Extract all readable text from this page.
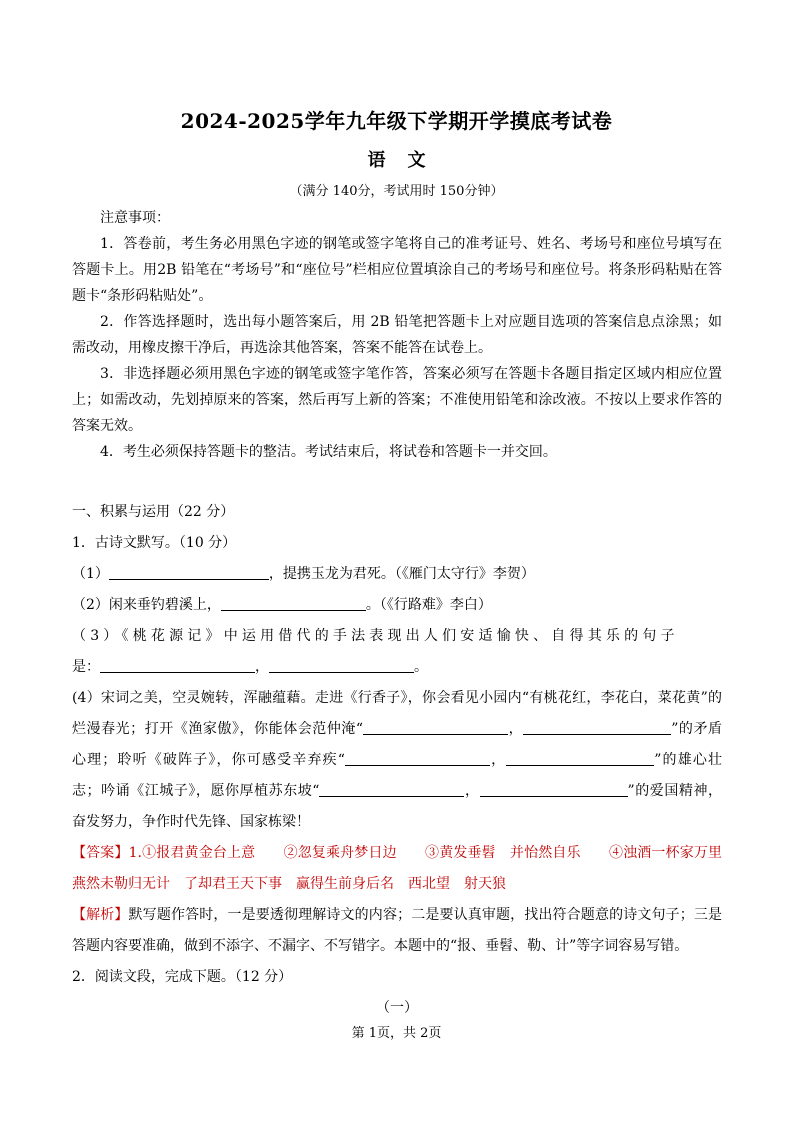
2024-2025学年九年级下学期开学摸底考试卷
语文
（满分 140分，考试用时 150分钟）

注意事项：

1．答卷前，考生务必用黑色字迹的钢笔或签字笔将自己的准考证号、姓名、考场号和座位号填写在答题卡上。用2B 铅笔在“考场号”和“座位号”栏相应位置填涂自己的考场号和座位号。将条形码粘贴在答题卡“条形码粘贴处”。

2．作答选择题时，选出每小题答案后，用 2B 铅笔把答题卡上对应题目选项的答案信息点涂黑；如需改动，用橡皮擦干净后，再选涂其他答案，答案不能答在试卷上。

3．非选择题必须用黑色字迹的钢笔或签字笔作答，答案必须写在答题卡各题目指定区域内相应位置上；如需改动，先划掉原来的答案，然后再写上新的答案；不准使用铅笔和涂改液。不按以上要求作答的答案无效。

4．考生必须保持答题卡的整洁。考试结束后，将试卷和答题卡一并交回。

一、积累与运用（22 分）

1．古诗文默写。（10 分）

（1）	，提携玉龙为君死。（《雁门太守行》李贺）

（2）闲来垂钓碧溪上，	。（《行路难》李白）

（3）《桃花源记》中运用借代的手法表现出人们安适愉快、自得其乐的句子

是：	，	。

(4）宋词之美，空灵婉转，浑融蕴藉。走进《行香子》，你会看见小园内“有桃花红，李花白，菜花黄”的烂漫春光；打开《渔家傲》，你能体会范仲淹“	，	”的矛盾心理；聆听《破阵子》，你可感受辛弃疾“	，	”的雄心壮志；吟诵《江城子》，愿你厚植苏东坡“	，	”的爱国精神，奋发努力，争作时代先锋、国家栋梁！

【答案】1.①报君黄金台上意　　②忽复乘舟梦日边　　③黄发垂髫　并怡然自乐　　④浊酒一杯家万里　燕然未勒归无计　了却君王天下事　赢得生前身后名　西北望　射天狼

【解析】默写题作答时，一是要透彻理解诗文的内容；二是要认真审题，找出符合题意的诗文句子；三是答题内容要准确，做到不添字、不漏字、不写错字。本题中的“报、垂髫、勒、计”等字词容易写错。

2．阅读文段，完成下题。（12 分）

（一）

第 1页，共 2页
